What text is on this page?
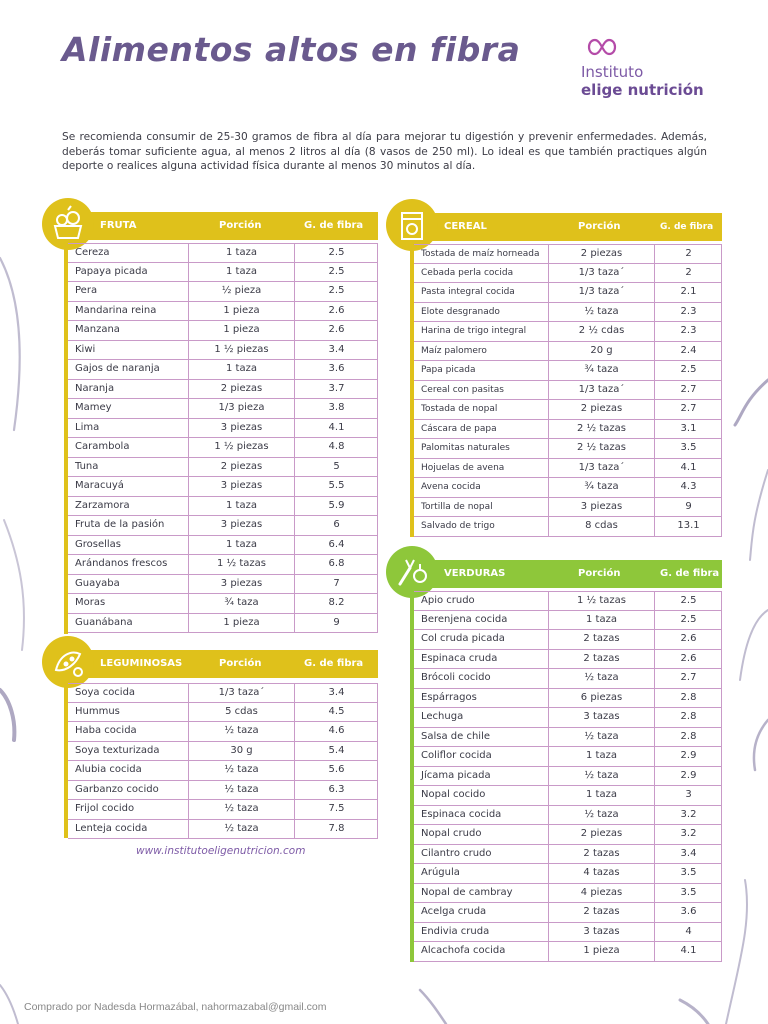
Alimentos altos en fibra
Instituto
elige nutrición
Se recomienda consumir de 25-30 gramos de fibra al día para mejorar tu digestión y prevenir enfermedades. Además, deberás tomar suficiente agua, al menos 2 litros al día (8 vasos de 250 ml). Lo ideal es que también practiques algún deporte o realices alguna actividad física durante al menos 30 minutos al día.
FRUTA	Porción	G. de fibra
Cereza	1 taza	2.5
Papaya picada	1 taza	2.5
Pera	½ pieza	2.5
Mandarina reina	1 pieza	2.6
Manzana	1 pieza	2.6
Kiwi	1 ½ piezas	3.4
Gajos de naranja	1 taza	3.6
Naranja	2 piezas	3.7
Mamey	1/3 pieza	3.8
Lima	3 piezas	4.1
Carambola	1 ½ piezas	4.8
Tuna	2 piezas	5
Maracuyá	3 piezas	5.5
Zarzamora	1 taza	5.9
Fruta de la pasión	3 piezas	6
Grosellas	1 taza	6.4
Arándanos frescos	1 ½ tazas	6.8
Guayaba	3 piezas	7
Moras	¾ taza	8.2
Guanábana	1 pieza	9
LEGUMINOSAS	Porción	G. de fibra
Soya cocida	1/3 taza´	3.4
Hummus	5 cdas	4.5
Haba cocida	½ taza	4.6
Soya texturizada	30 g	5.4
Alubia cocida	½ taza	5.6
Garbanzo cocido	½ taza	6.3
Frijol cocido	½ taza	7.5
Lenteja cocida	½ taza	7.8
CEREAL	Porción	G. de fibra
Tostada de maíz horneada	2 piezas	2
Cebada perla cocida	1/3 taza´	2
Pasta integral cocida	1/3 taza´	2.1
Elote desgranado	½ taza	2.3
Harina de trigo integral	2 ½ cdas	2.3
Maíz palomero	20 g	2.4
Papa picada	¾ taza	2.5
Cereal con pasitas	1/3 taza´	2.7
Tostada de nopal	2 piezas	2.7
Cáscara de papa	2 ½ tazas	3.1
Palomitas naturales	2 ½ tazas	3.5
Hojuelas de avena	1/3 taza´	4.1
Avena cocida	¾ taza	4.3
Tortilla de nopal	3 piezas	9
Salvado de trigo	8 cdas	13.1
VERDURAS	Porción	G. de fibra
Apio crudo	1 ½ tazas	2.5
Berenjena cocida	1 taza	2.5
Col cruda picada	2 tazas	2.6
Espinaca cruda	2 tazas	2.6
Brócoli cocido	½ taza	2.7
Espárragos	6 piezas	2.8
Lechuga	3 tazas	2.8
Salsa de chile	½ taza	2.8
Coliflor cocida	1 taza	2.9
Jícama picada	½ taza	2.9
Nopal cocido	1 taza	3
Espinaca cocida	½ taza	3.2
Nopal crudo	2 piezas	3.2
Cilantro crudo	2 tazas	3.4
Arúgula	4 tazas	3.5
Nopal de cambray	4 piezas	3.5
Acelga cruda	2 tazas	3.6
Endivia cruda	3 tazas	4
Alcachofa cocida	1 pieza	4.1
www.institutoeligenutricion.com
Comprado por Nadesda Hormazábal, nahormazabal@gmail.com
